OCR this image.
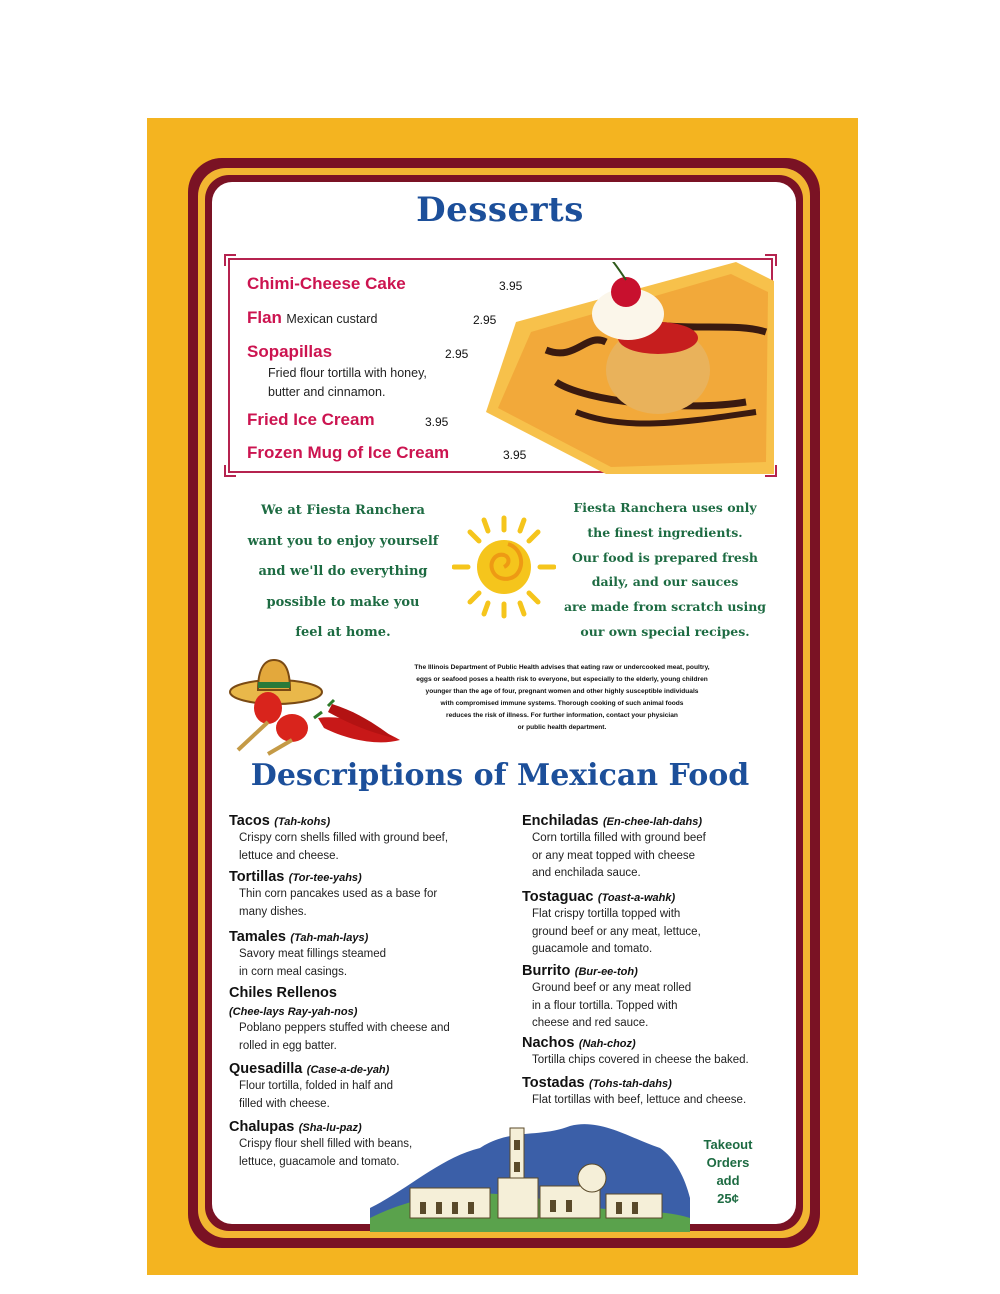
Desserts
Chimi-Cheese Cake	3.95
Flan Mexican custard	2.95
Sopapillas	2.95
Fried flour tortilla with honey,
butter and cinnamon.
Fried Ice Cream	3.95
Frozen Mug of Ice Cream	3.95
We at Fiesta Ranchera
want you to enjoy yourself
and we'll do everything
possible to make you
feel at home.
Fiesta Ranchera uses only
the finest ingredients.
Our food is prepared fresh
daily, and our sauces
are made from scratch using
our own special recipes.
The Illinois Department of Public Health advises that eating raw or undercooked meat, poultry,
eggs or seafood poses a health risk to everyone, but especially to the elderly, young children
younger than the age of four, pregnant women and other highly susceptible individuals
with compromised immune systems. Thorough cooking of such animal foods
reduces the risk of illness. For further information, contact your physician
or public health department.
Descriptions of Mexican Food
Tacos (Tah-kohs)
Crispy corn shells filled with ground beef,
lettuce and cheese.
Tortillas (Tor-tee-yahs)
Thin corn pancakes used as a base for
many dishes.
Tamales (Tah-mah-lays)
Savory meat fillings steamed
in corn meal casings.
Chiles Rellenos
(Chee-lays Ray-yah-nos)
Poblano peppers stuffed with cheese and
rolled in egg batter.
Quesadilla (Case-a-de-yah)
Flour tortilla, folded in half and
filled with cheese.
Chalupas (Sha-lu-paz)
Crispy flour shell filled with beans,
lettuce, guacamole and tomato.
Enchiladas (En-chee-lah-dahs)
Corn tortilla filled with ground beef
or any meat topped with cheese
and enchilada sauce.
Tostaguac (Toast-a-wahk)
Flat crispy tortilla topped with
ground beef or any meat, lettuce,
guacamole and tomato.
Burrito (Bur-ee-toh)
Ground beef or any meat rolled
in a flour tortilla. Topped with
cheese and red sauce.
Nachos (Nah-choz)
Tortilla chips covered in cheese the baked.
Tostadas (Tohs-tah-dahs)
Flat tortillas with beef, lettuce and cheese.
Takeout
Orders
add
25¢
